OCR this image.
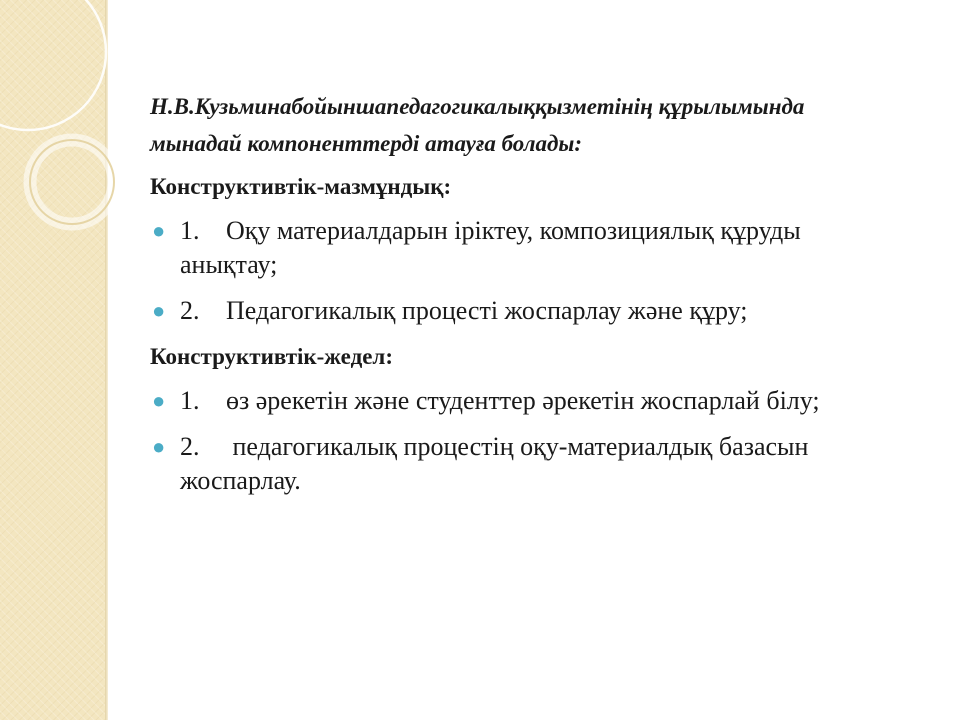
Н.В.Кузьминабойыншапедагогикалыққызметінің құрылымында мынадай компоненттерді атауға болады:

Конструктивтік-мазмұндық:
● 1. Оқу материалдарын іріктеу, композициялық құруды анықтау;
● 2. Педагогикалық процесті жоспарлау және құру;
Конструктивтік-жедел:
● 1. өз әрекетін және студенттер әрекетін жоспарлай білу;
● 2. педагогикалық процестің оқу-материалдық базасын жоспарлау.
